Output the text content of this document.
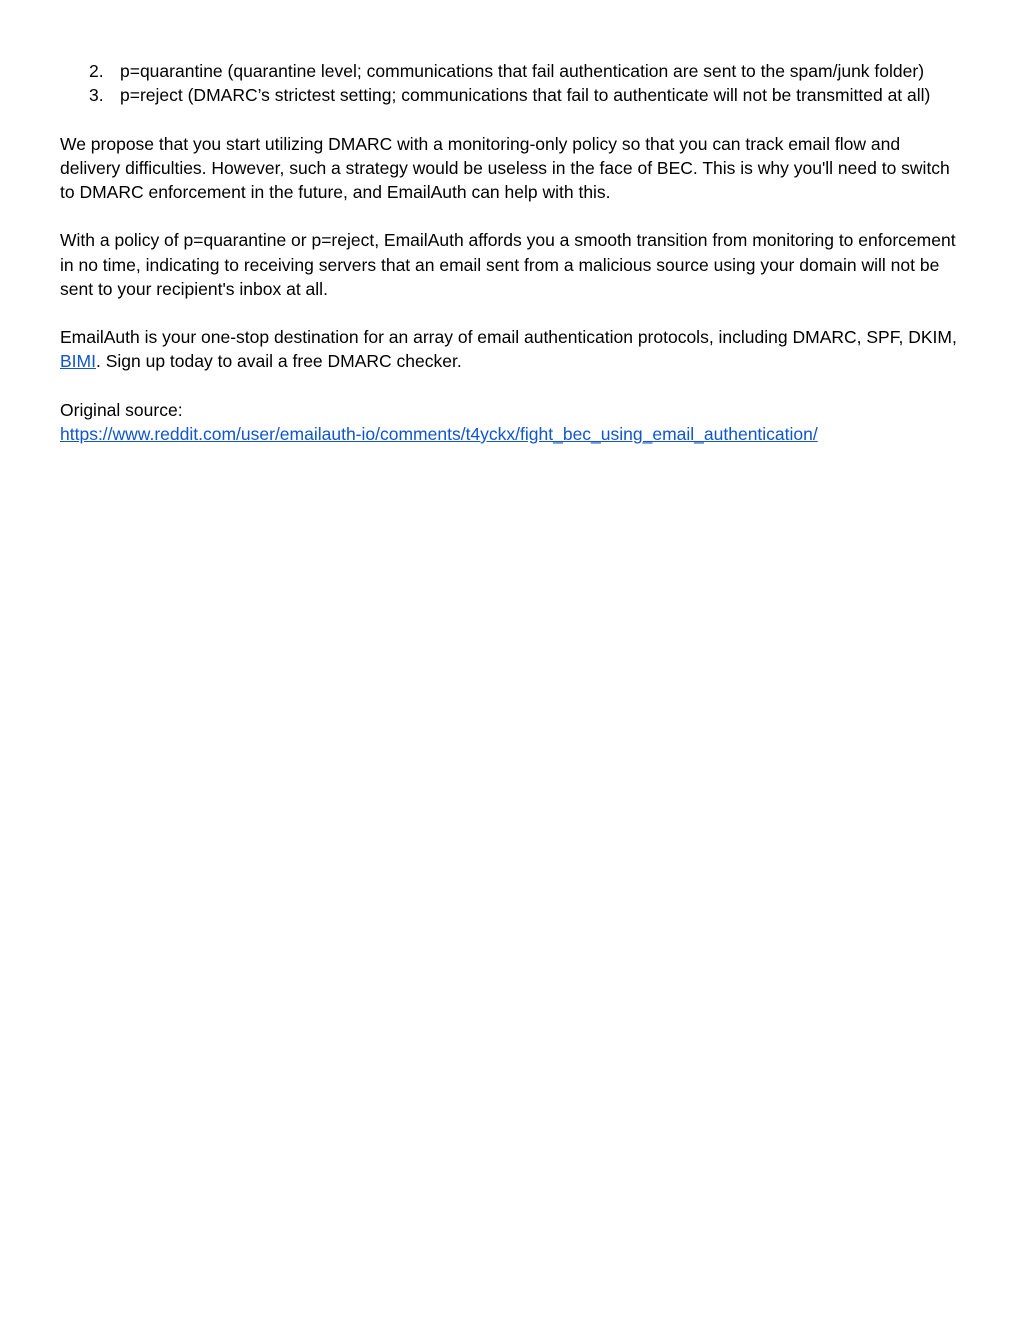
2. p=quarantine (quarantine level; communications that fail authentication are sent to the spam/junk folder)
3. p=reject (DMARC’s strictest setting; communications that fail to authenticate will not be transmitted at all)

We propose that you start utilizing DMARC with a monitoring-only policy so that you can track email flow and delivery difficulties. However, such a strategy would be useless in the face of BEC. This is why you'll need to switch to DMARC enforcement in the future, and EmailAuth can help with this.

With a policy of p=quarantine or p=reject, EmailAuth affords you a smooth transition from monitoring to enforcement in no time, indicating to receiving servers that an email sent from a malicious source using your domain will not be sent to your recipient's inbox at all.

EmailAuth is your one-stop destination for an array of email authentication protocols, including DMARC, SPF, DKIM, BIMI. Sign up today to avail a free DMARC checker.

Original source:
https://www.reddit.com/user/emailauth-io/comments/t4yckx/fight_bec_using_email_authentication/
